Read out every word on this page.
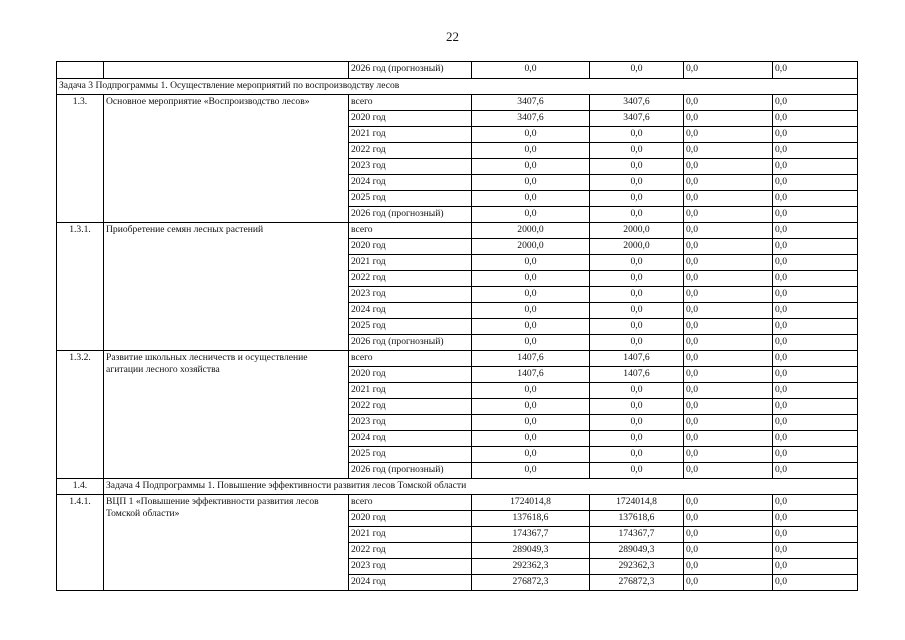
22
		2026 год (прогнозный)	0,0	0,0	0,0	0,0
Задача 3 Подпрограммы 1. Осуществление мероприятий по воспроизводству лесов						
1.3.	Основное мероприятие «Воспроизводство лесов»	всего	3407,6	3407,6	0,0	0,0
		2020 год	3407,6	3407,6	0,0	0,0
		2021 год	0,0	0,0	0,0	0,0
		2022 год	0,0	0,0	0,0	0,0
		2023 год	0,0	0,0	0,0	0,0
		2024 год	0,0	0,0	0,0	0,0
		2025 год	0,0	0,0	0,0	0,0
		2026 год (прогнозный)	0,0	0,0	0,0	0,0
1.3.1.	Приобретение семян лесных растений	всего	2000,0	2000,0	0,0	0,0
		2020 год	2000,0	2000,0	0,0	0,0
		2021 год	0,0	0,0	0,0	0,0
		2022 год	0,0	0,0	0,0	0,0
		2023 год	0,0	0,0	0,0	0,0
		2024 год	0,0	0,0	0,0	0,0
		2025 год	0,0	0,0	0,0	0,0
		2026 год (прогнозный)	0,0	0,0	0,0	0,0
1.3.2.	Развитие школьных лесничеств и осуществление агитации лесного хозяйства	всего	1407,6	1407,6	0,0	0,0
		2020 год	1407,6	1407,6	0,0	0,0
		2021 год	0,0	0,0	0,0	0,0
		2022 год	0,0	0,0	0,0	0,0
		2023 год	0,0	0,0	0,0	0,0
		2024 год	0,0	0,0	0,0	0,0
		2025 год	0,0	0,0	0,0	0,0
		2026 год (прогнозный)	0,0	0,0	0,0	0,0
1.4.	Задача 4 Подпрограммы 1. Повышение эффективности развития лесов Томской области					
1.4.1.	ВЦП 1 «Повышение эффективности развития лесов Томской области»	всего	1724014,8	1724014,8	0,0	0,0
		2020 год	137618,6	137618,6	0,0	0,0
		2021 год	174367,7	174367,7	0,0	0,0
		2022 год	289049,3	289049,3	0,0	0,0
		2023 год	292362,3	292362,3	0,0	0,0
		2024 год	276872,3	276872,3	0,0	0,0
